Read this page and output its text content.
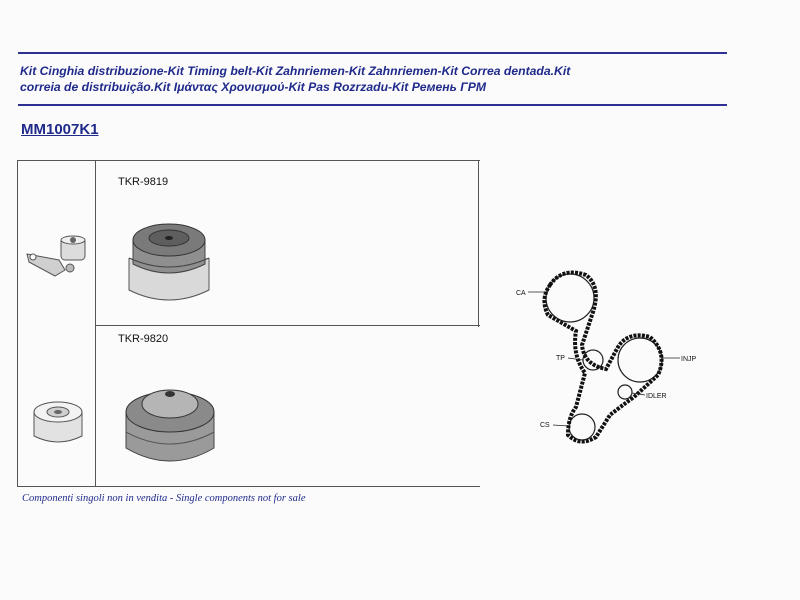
Kit Cinghia distribuzione-Kit Timing belt-Kit Zahnriemen-Kit Zahnriemen-Kit Correa dentada.Kit
correia de distribuição.Kit Ιμάντας Χρονισμού-Kit Pas Rozrzadu-Kit Ремень ГРМ
MM1007K1
TKR-9819
TKR-9820
Componenti singoli non in vendita - Single components not for sale
CA
TP	INJP
IDLER
CS
